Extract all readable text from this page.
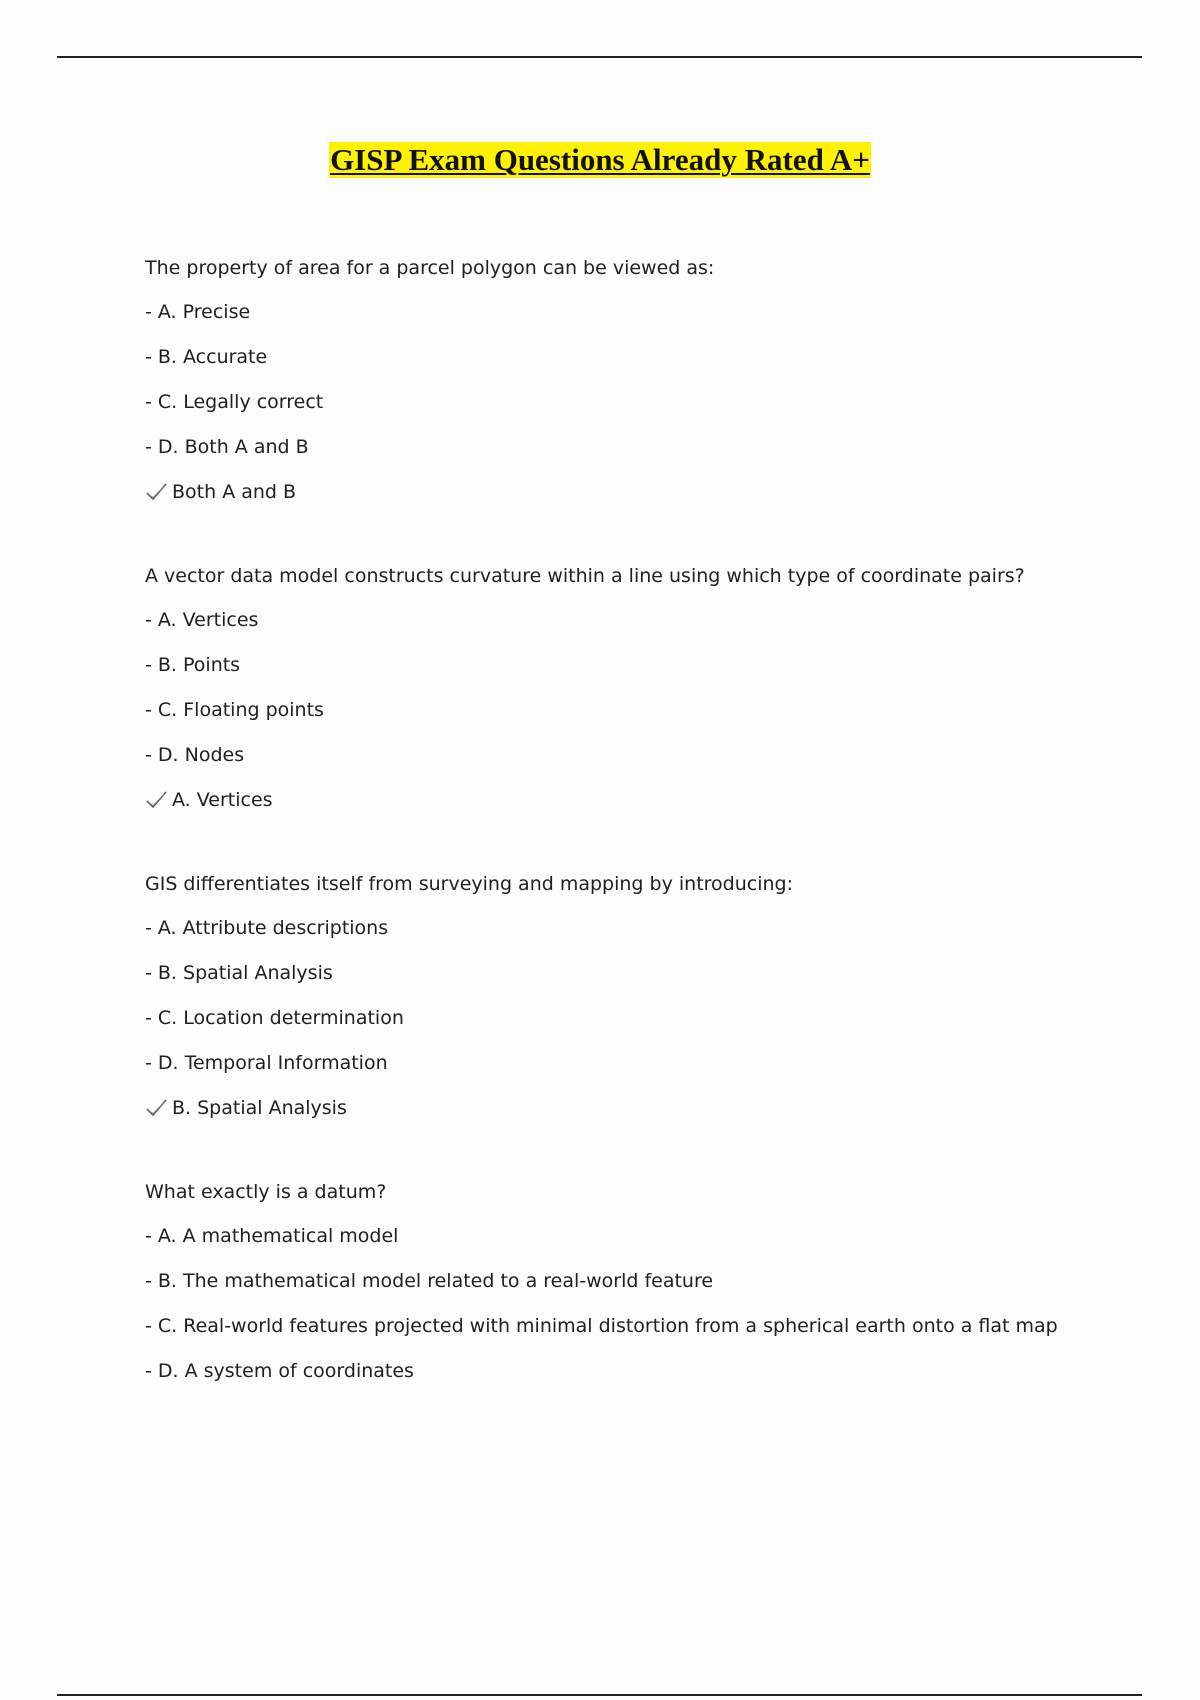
GISP Exam Questions Already Rated A+
The property of area for a parcel polygon can be viewed as:
- A. Precise
- B. Accurate
- C. Legally correct
- D. Both A and B
Both A and B
A vector data model constructs curvature within a line using which type of coordinate pairs?
- A. Vertices
- B. Points
- C. Floating points
- D. Nodes
A. Vertices
GIS differentiates itself from surveying and mapping by introducing:
- A. Attribute descriptions
- B. Spatial Analysis
- C. Location determination
- D. Temporal Information
B. Spatial Analysis
What exactly is a datum?
- A. A mathematical model
- B. The mathematical model related to a real-world feature
- C. Real-world features projected with minimal distortion from a spherical earth onto a flat map
- D. A system of coordinates
